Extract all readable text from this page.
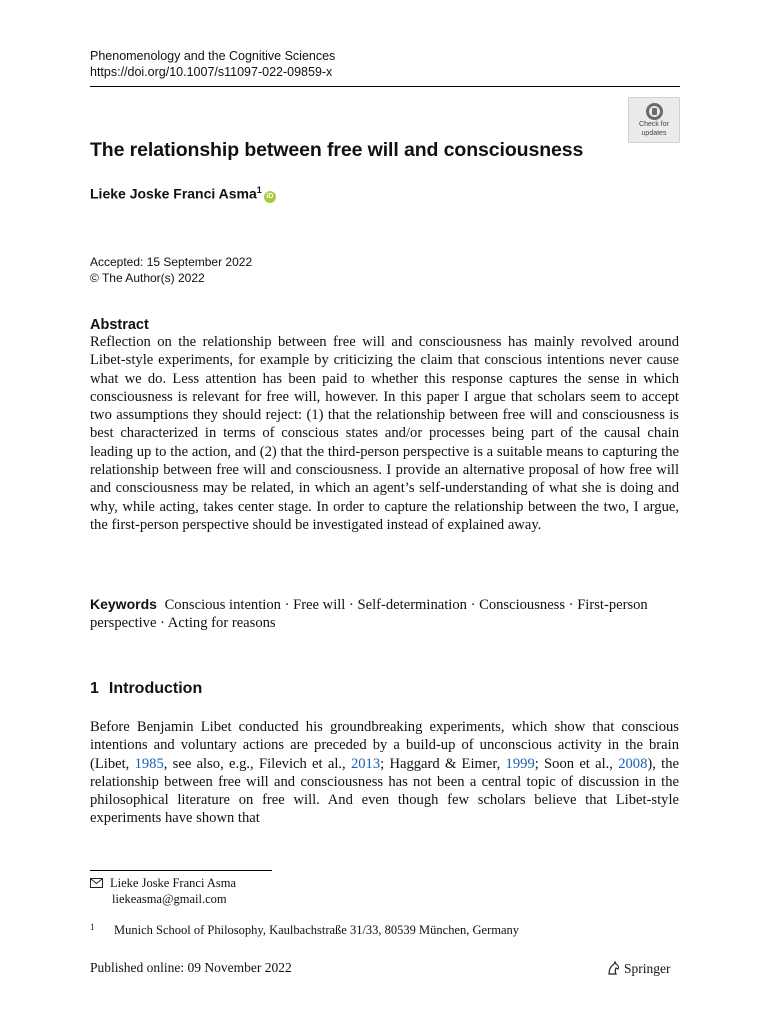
Phenomenology and the Cognitive Sciences
https://doi.org/10.1007/s11097-022-09859-x
Check for
updates
The relationship between free will and consciousness
Lieke Joske Franci Asma$^1$iD
Accepted: 15 September 2022
© The Author(s) 2022
Abstract
Reflection on the relationship between free will and consciousness has mainly revolved around Libet-style experiments, for example by criticizing the claim that conscious intentions never cause what we do. Less attention has been paid to whether this response captures the sense in which consciousness is relevant for free will, however. In this paper I argue that scholars seem to accept two assumptions they should reject: (1) that the relationship between free will and consciousness is best characterized in terms of conscious states and/or processes being part of the causal chain leading up to the action, and (2) that the third-person perspective is a suitable means to capturing the relationship between free will and consciousness. I provide an alternative proposal of how free will and consciousness may be related, in which an agent’s self-understanding of what she is doing and why, while acting, takes center stage. In order to capture the relationship between the two, I argue, the first-person perspective should be investigated instead of explained away.
Keywords Conscious intention · Free will · Self-determination · Consciousness · First-person perspective · Acting for reasons
1 Introduction
Before Benjamin Libet conducted his groundbreaking experiments, which show that conscious intentions and voluntary actions are preceded by a build-up of unconscious activity in the brain (Libet, 1985, see also, e.g., Filevich et al., 2013; Haggard & Eimer, 1999; Soon et al., 2008), the relationship between free will and consciousness has not been a central topic of discussion in the philosophical literature on free will. And even though few scholars believe that Libet-style experiments have shown that
Lieke Joske Franci Asma
liekeasma@gmail.com
1 Munich School of Philosophy, Kaulbachstraße 31/33, 80539 München, Germany
Published online: 09 November 2022	Springer
